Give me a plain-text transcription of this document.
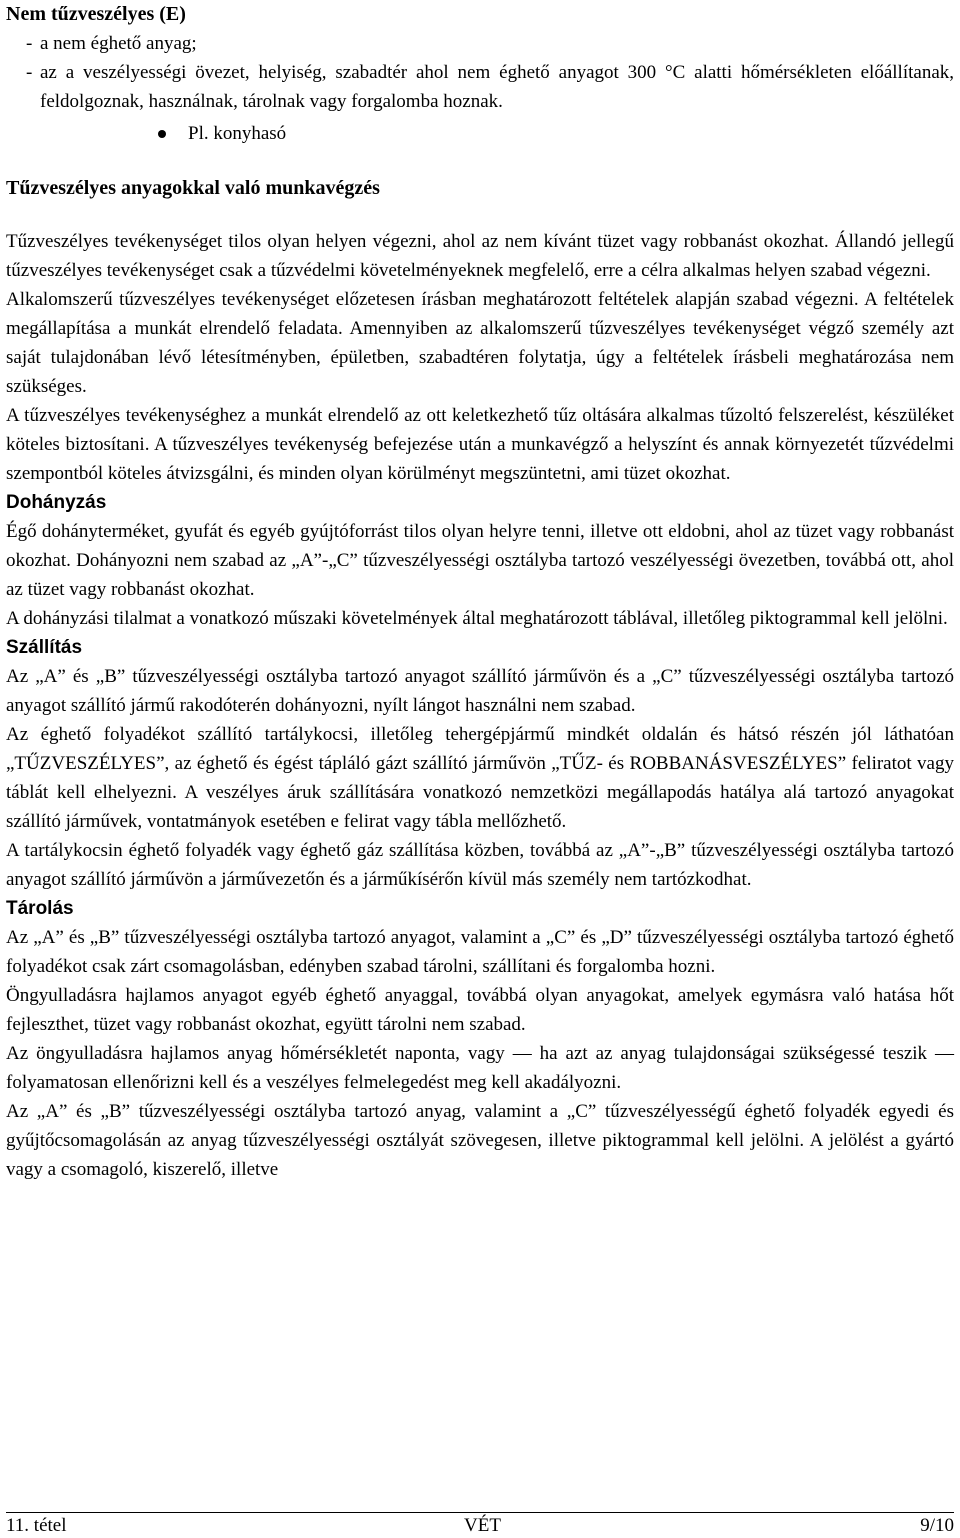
Nem tűzveszélyes (E)

- a nem éghető anyag;
- az a veszélyességi övezet, helyiség, szabadtér ahol nem éghető anyagot 300 °C alatti hőmérsékleten előállítanak, feldolgoznak, használnak, tárolnak vagy forgalomba hoznak.
Pl. konyhasó

Tűzveszélyes anyagokkal való munkavégzés

Tűzveszélyes tevékenységet tilos olyan helyen végezni, ahol az nem kívánt tüzet vagy robbanást okozhat. Állandó jellegű tűzveszélyes tevékenységet csak a tűzvédelmi követelményeknek megfelelő, erre a célra alkalmas helyen szabad végezni.

Alkalomszerű tűzveszélyes tevékenységet előzetesen írásban meghatározott feltételek alapján szabad végezni. A feltételek megállapítása a munkát elrendelő feladata. Amennyiben az alkalomszerű tűzveszélyes tevékenységet végző személy azt saját tulajdonában lévő létesítményben, épületben, szabadtéren folytatja, úgy a feltételek írásbeli meghatározása nem szükséges.

A tűzveszélyes tevékenységhez a munkát elrendelő az ott keletkezhető tűz oltására alkalmas tűzoltó felszerelést, készüléket köteles biztosítani. A tűzveszélyes tevékenység befejezése után a munkavégző a helyszínt és annak környezetét tűzvédelmi szempontból köteles átvizsgálni, és minden olyan körülményt megszüntetni, ami tüzet okozhat.

Dohányzás

Égő dohányterméket, gyufát és egyéb gyújtóforrást tilos olyan helyre tenni, illetve ott eldobni, ahol az tüzet vagy robbanást okozhat. Dohányozni nem szabad az „A”-„C” tűzveszélyességi osztályba tartozó veszélyességi övezetben, továbbá ott, ahol az tüzet vagy robbanást okozhat.

A dohányzási tilalmat a vonatkozó műszaki követelmények által meghatározott táblával, illetőleg piktogrammal kell jelölni.

Szállítás

Az „A” és „B” tűzveszélyességi osztályba tartozó anyagot szállító járművön és a „C” tűzveszélyességi osztályba tartozó anyagot szállító jármű rakodóterén dohányozni, nyílt lángot használni nem szabad.

Az éghető folyadékot szállító tartálykocsi, illetőleg tehergépjármű mindkét oldalán és hátsó részén jól láthatóan „TŰZVESZÉLYES”, az éghető és égést tápláló gázt szállító járművön „TŰZ- és ROBBANÁSVESZÉLYES” feliratot vagy táblát kell elhelyezni. A veszélyes áruk szállítására vonatkozó nemzetközi megállapodás hatálya alá tartozó anyagokat szállító járművek, vontatmányok esetében e felirat vagy tábla mellőzhető.

A tartálykocsin éghető folyadék vagy éghető gáz szállítása közben, továbbá az „A”-„B” tűzveszélyességi osztályba tartozó anyagot szállító járművön a járművezetőn és a járműkísérőn kívül más személy nem tartózkodhat.

Tárolás

Az „A” és „B” tűzveszélyességi osztályba tartozó anyagot, valamint a „C” és „D” tűzveszélyességi osztályba tartozó éghető folyadékot csak zárt csomagolásban, edényben szabad tárolni, szállítani és forgalomba hozni.

Öngyulladásra hajlamos anyagot egyéb éghető anyaggal, továbbá olyan anyagokat, amelyek egymásra való hatása hőt fejleszthet, tüzet vagy robbanást okozhat, együtt tárolni nem szabad.

Az öngyulladásra hajlamos anyag hőmérsékletét naponta, vagy ― ha azt az anyag tulajdonságai szükségessé teszik ― folyamatosan ellenőrizni kell és a veszélyes felmelegedést meg kell akadályozni.

Az „A” és „B” tűzveszélyességi osztályba tartozó anyag, valamint a „C” tűzveszélyességű éghető folyadék egyedi és gyűjtőcsomagolásán az anyag tűzveszélyességi osztályát szövegesen, illetve piktogrammal kell jelölni. A jelölést a gyártó vagy a csomagoló, kiszerelő, illetve

11. tétel	VÉT	9/10
